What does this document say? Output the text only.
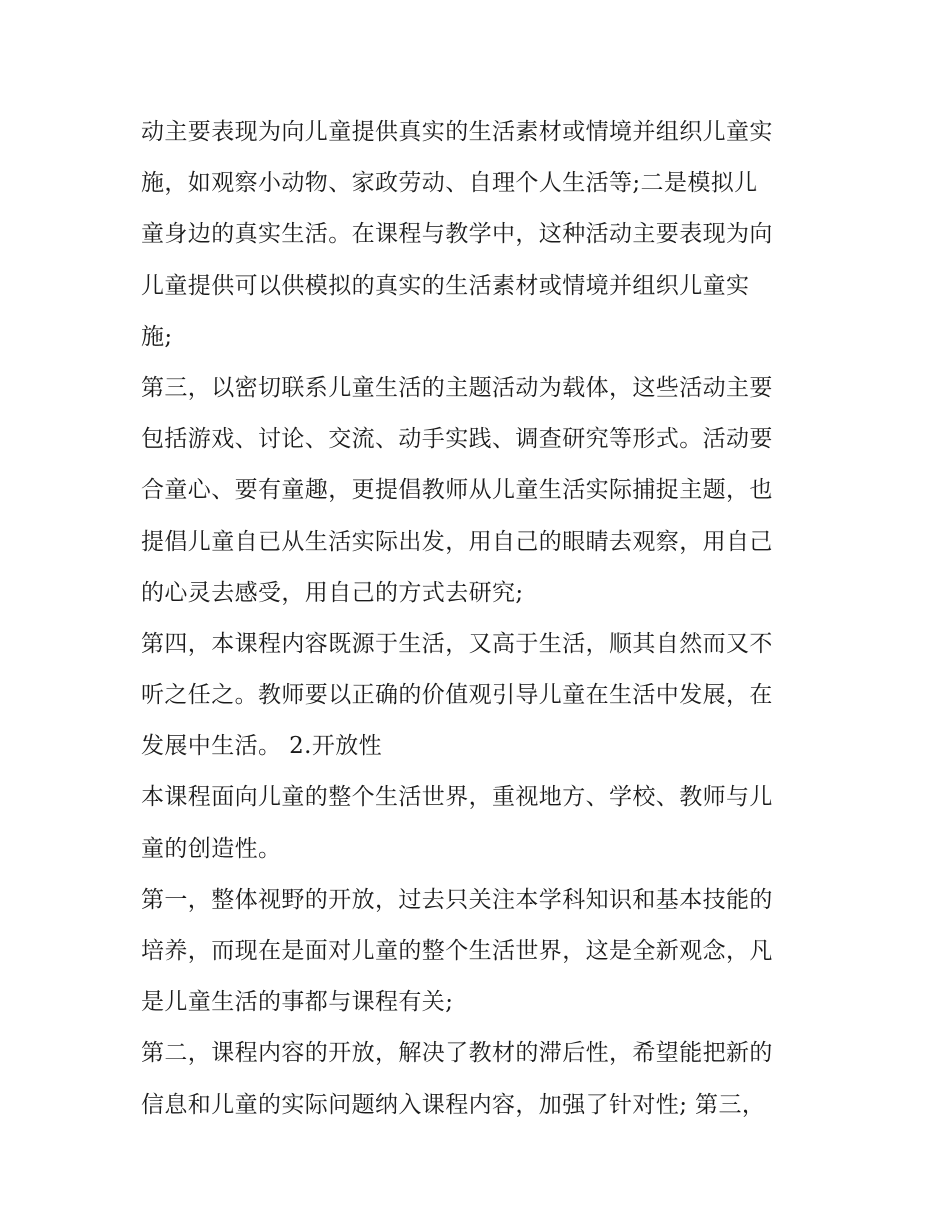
动主要表现为向儿童提供真实的生活素材或情境并组织儿童实
施，如观察小动物、家政劳动、自理个人生活等;二是模拟儿
童身边的真实生活。在课程与教学中，这种活动主要表现为向
儿童提供可以供模拟的真实的生活素材或情境并组织儿童实
施;
第三，以密切联系儿童生活的主题活动为载体，这些活动主要
包括游戏、讨论、交流、动手实践、调查研究等形式。活动要
合童心、要有童趣，更提倡教师从儿童生活实际捕捉主题，也
提倡儿童自已从生活实际出发，用自己的眼睛去观察，用自己
的心灵去感受，用自己的方式去研究;
第四，本课程内容既源于生活，又高于生活，顺其自然而又不
听之任之。教师要以正确的价值观引导儿童在生活中发展，在
发展中生活。 2.开放性
本课程面向儿童的整个生活世界，重视地方、学校、教师与儿
童的创造性。
第一，整体视野的开放，过去只关注本学科知识和基本技能的
培养，而现在是面对儿童的整个生活世界，这是全新观念，凡
是儿童生活的事都与课程有关;
第二，课程内容的开放，解决了教材的滞后性，希望能把新的
信息和儿童的实际问题纳入课程内容，加强了针对性; 第三，
